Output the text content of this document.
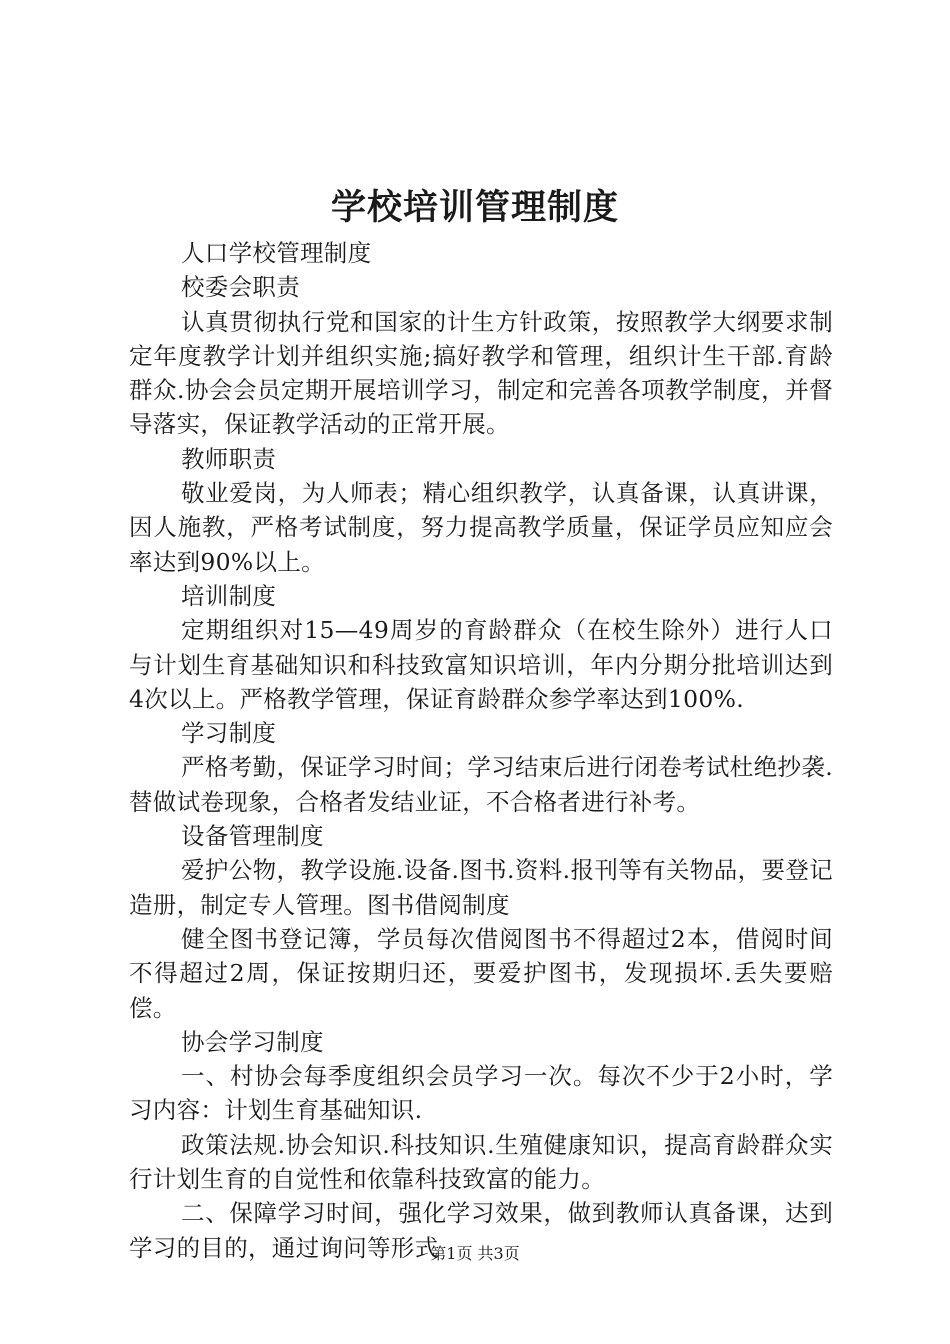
学校培训管理制度

人口学校管理制度

校委会职责

认真贯彻执行党和国家的计生方针政策，按照教学大纲要求制定年度教学计划并组织实施;搞好教学和管理，组织计生干部.育龄群众.协会会员定期开展培训学习，制定和完善各项教学制度，并督导落实，保证教学活动的正常开展。

教师职责

敬业爱岗，为人师表；精心组织教学，认真备课，认真讲课，因人施教，严格考试制度，努力提高教学质量，保证学员应知应会率达到90%以上。

培训制度

定期组织对15—49周岁的育龄群众（在校生除外）进行人口与计划生育基础知识和科技致富知识培训，年内分期分批培训达到4次以上。严格教学管理，保证育龄群众参学率达到100%.

学习制度

严格考勤，保证学习时间；学习结束后进行闭卷考试杜绝抄袭.替做试卷现象，合格者发结业证，不合格者进行补考。

设备管理制度

爱护公物，教学设施.设备.图书.资料.报刊等有关物品，要登记造册，制定专人管理。图书借阅制度

健全图书登记簿，学员每次借阅图书不得超过2本，借阅时间不得超过2周，保证按期归还，要爱护图书，发现损坏.丢失要赔偿。

协会学习制度

一、村协会每季度组织会员学习一次。每次不少于2小时，学习内容：计划生育基础知识.

政策法规.协会知识.科技知识.生殖健康知识，提高育龄群众实行计划生育的自觉性和依靠科技致富的能力。

二、保障学习时间，强化学习效果，做到教师认真备课，达到学习的目的，通过询问等形式

第1页 共3页
